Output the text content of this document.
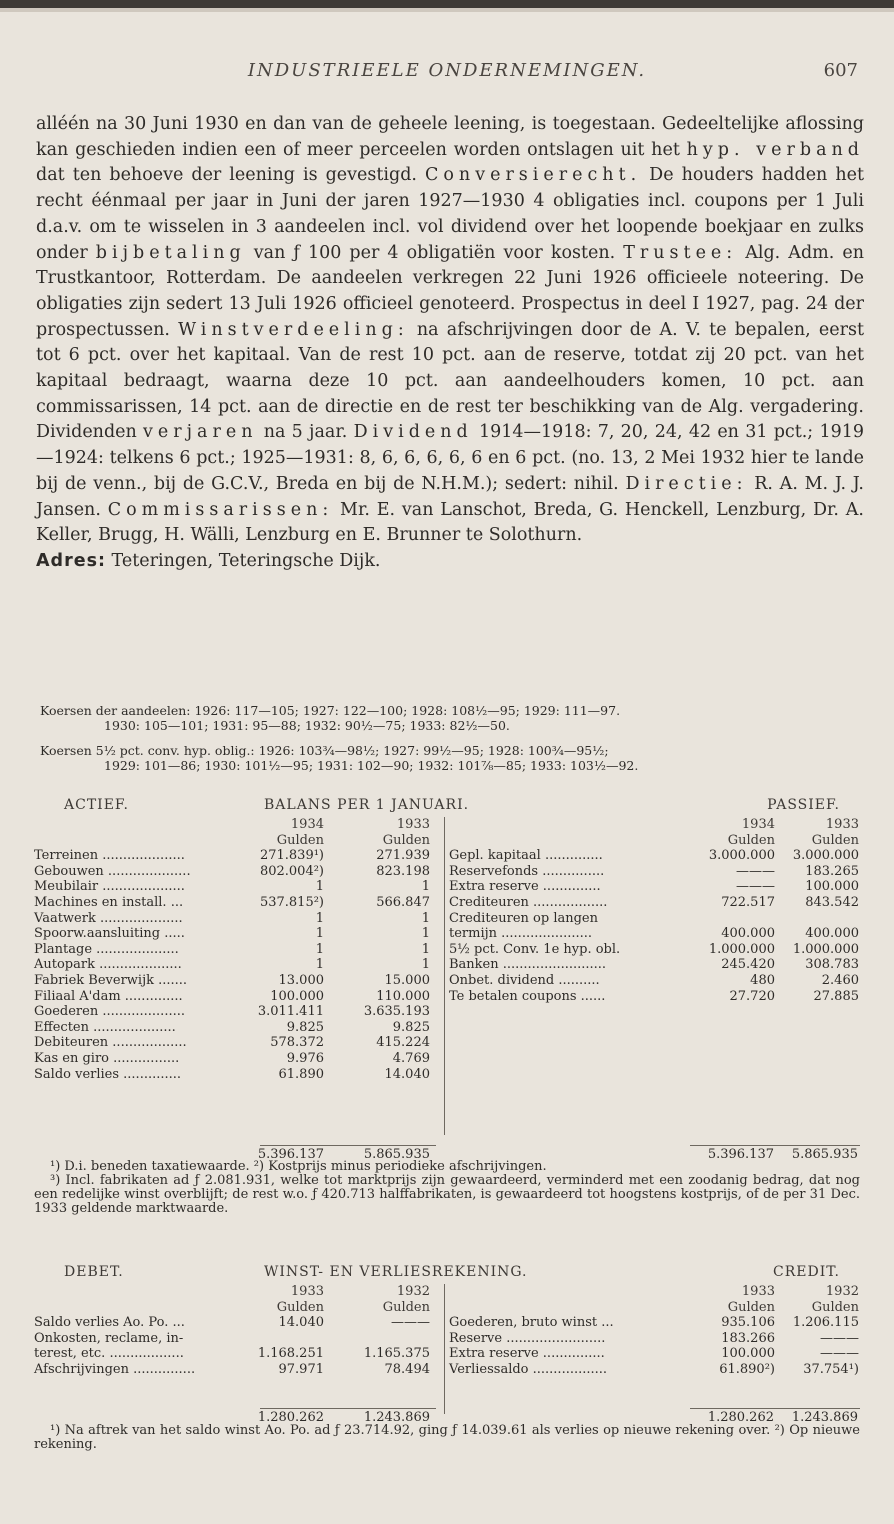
INDUSTRIEELE ONDERNEMINGEN.	607
alléén na 30 Juni 1930 en dan van de geheele leening, is toegestaan. Gedeeltelijke aflossing kan geschieden indien een of meer perceelen worden ontslagen uit het hyp. verband dat ten behoeve der leening is gevestigd. Conversierecht. De houders hadden het recht éénmaal per jaar in Juni der jaren 1927—1930 4 obligaties incl. coupons per 1 Juli d.a.v. om te wisselen in 3 aandeelen incl. vol dividend over het loopende boekjaar en zulks onder bijbetaling van ƒ 100 per 4 obligatiën voor kosten. Trustee: Alg. Adm. en Trustkantoor, Rotterdam. De aandeelen verkregen 22 Juni 1926 officieele noteering. De obligaties zijn sedert 13 Juli 1926 officieel genoteerd. Prospectus in deel I 1927, pag. 24 der prospectussen. Winstverdeeling: na afschrijvingen door de A. V. te bepalen, eerst tot 6 pct. over het kapitaal. Van de rest 10 pct. aan de reserve, totdat zij 20 pct. van het kapitaal bedraagt, waarna deze 10 pct. aan aandeelhouders komen, 10 pct. aan commissarissen, 14 pct. aan de directie en de rest ter beschikking van de Alg. vergadering. Dividenden verjaren na 5 jaar. Dividend 1914—1918: 7, 20, 24, 42 en 31 pct.; 1919—1924: telkens 6 pct.; 1925—1931: 8, 6, 6, 6, 6, 6 en 6 pct. (no. 13, 2 Mei 1932 hier te lande bij de venn., bij de G.C.V., Breda en bij de N.H.M.); sedert: nihil. Directie: R. A. M. J. J. Jansen. Commissarissen: Mr. E. van Lanschot, Breda, G. Henckell, Lenzburg, Dr. A. Keller, Brugg, H. Wälli, Lenzburg en E. Brunner te Solothurn.
Adres: Teteringen, Teteringsche Dijk.
Koersen der aandeelen: 1926: 117—105; 1927: 122—100; 1928: 108½—95; 1929: 111—97.
1930: 105—101; 1931: 95—88; 1932: 90½—75; 1933: 82½—50.
Koersen 5½ pct. conv. hyp. oblig.: 1926: 103¾—98½; 1927: 99½—95; 1928: 100¾—95½;
1929: 101—86; 1930: 101½—95; 1931: 102—90; 1932: 101⅞—85; 1933: 103½—92.
ACTIEF.	BALANS PER 1 JANUARI.	PASSIEF.
1934	1933
Gulden	Gulden
Terreinen ....................	271.839¹)	271.939
Gebouwen ....................	802.004²)	823.198
Meubilair ....................	1	1
Machines en install. ...	537.815²)	566.847
Vaatwerk ....................	1	1
Spoorw.aansluiting .....	1	1
Plantage ....................	1	1
Autopark ....................	1	1
Fabriek Beverwijk .......	13.000	15.000
Filiaal A'dam ..............	100.000	110.000
Goederen ....................	3.011.411	3.635.193
Effecten ....................	9.825	9.825
Debiteuren ..................	578.372	415.224
Kas en giro ................	9.976	4.769
Saldo verlies ..............	61.890	14.040
1934	1933
Gulden	Gulden
Gepl. kapitaal ..............	3.000.000 3.000.000
Reservefonds ...............	——— 183.265
Extra reserve ..............	——— 100.000
Crediteuren ..................	722.517 843.542
Crediteuren op langen
termijn ......................	400.000 400.000
5½ pct. Conv. 1e hyp. obl.	1.000.000 1.000.000
Banken .........................	245.420 308.783
Onbet. dividend ..........	480	2.460
Te betalen coupons ......	27.720	27.885
5.396.137	5.865.935	5.396.137 5.865.935
¹) D.i. beneden taxatiewaarde. ²) Kostprijs minus periodieke afschrijvingen.
³) Incl. fabrikaten ad ƒ 2.081.931, welke tot marktprijs zijn gewaardeerd, verminderd met een zoodanig bedrag, dat nog een redelijke winst overblijft; de rest w.o. ƒ 420.713 halffabrikaten, is gewaardeerd tot hoogstens kostprijs, of de per 31 Dec. 1933 geldende marktwaarde.
DEBET.	WINST- EN VERLIESREKENING.	CREDIT.
1933	1932
Gulden	Gulden
Saldo verlies Ao. Po. ...	14.040	———
Onkosten, reclame, in-
terest, etc. ..................	1.168.251	1.165.375
Afschrijvingen ...............	97.971	78.494
1933	1932
Gulden	Gulden
Goederen, bruto winst ...	935.106 1.206.115
Reserve ........................	183.266	———
Extra reserve ...............	100.000	———
Verliessaldo ..................	61.890²) 37.754¹)
1.280.262	1.243.869	1.280.262 1.243.869
¹) Na aftrek van het saldo winst Ao. Po. ad ƒ 23.714.92, ging ƒ 14.039.61 als verlies op nieuwe rekening over. ²) Op nieuwe rekening.
